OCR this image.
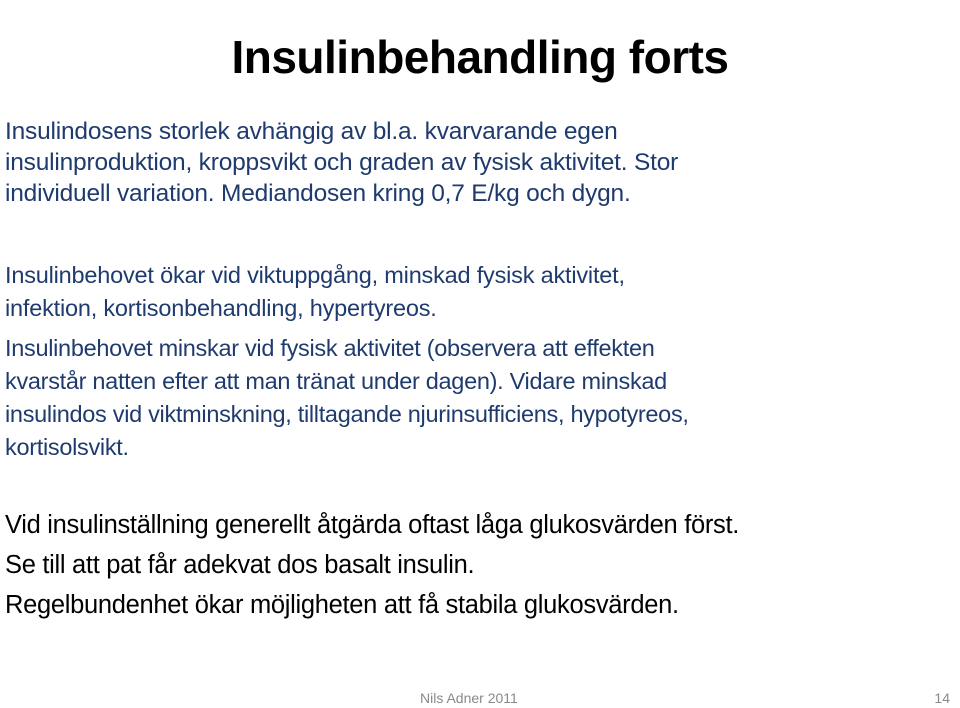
Insulinbehandling forts

Insulindosens storlek avhängig av bl.a. kvarvarande egen
insulinproduktion, kroppsvikt och graden av fysisk aktivitet. Stor
individuell variation. Mediandosen kring 0,7 E/kg och dygn.

Insulinbehovet ökar vid viktuppgång, minskad fysisk aktivitet,
infektion, kortisonbehandling, hypertyreos.

Insulinbehovet minskar vid fysisk aktivitet (observera att effekten
kvarstår natten efter att man tränat under dagen). Vidare minskad
insulindos vid viktminskning, tilltagande njurinsufficiens, hypotyreos,
kortisolsvikt.

Vid insulinställning generellt åtgärda oftast låga glukosvärden först.
Se till att pat får adekvat dos basalt insulin.
Regelbundenhet ökar möjligheten att få stabila glukosvärden.

Nils Adner 2011	14
